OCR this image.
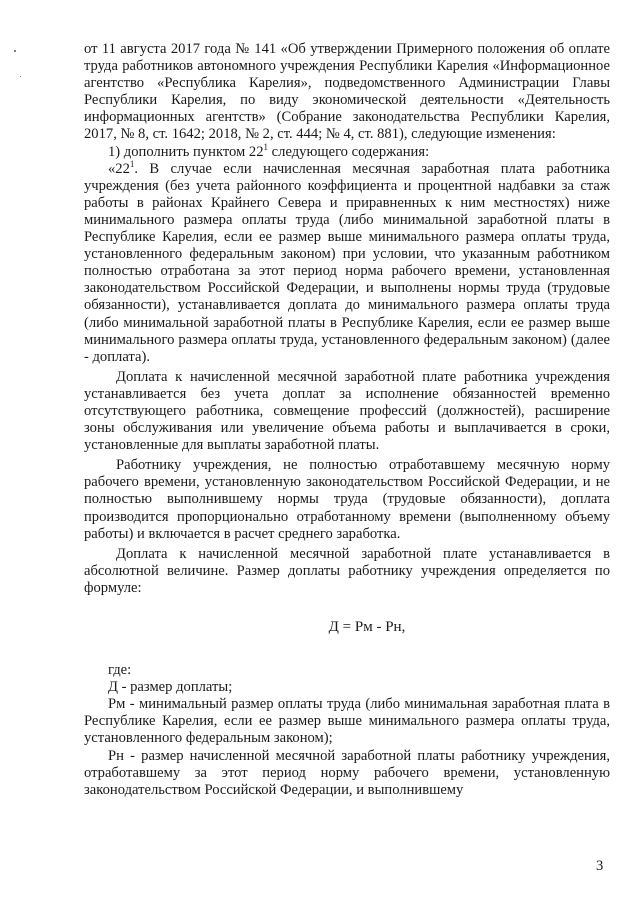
от 11 августа 2017 года № 141 «Об утверждении Примерного положения об оплате труда работников автономного учреждения Республики Карелия «Информационное агентство «Республика Карелия», подведомственного Администрации Главы Республики Карелия, по виду экономической деятельности «Деятельность информационных агентств» (Собрание законодательства Республики Карелия, 2017, № 8, ст. 1642; 2018, № 2, ст. 444; № 4, ст. 881), следующие изменения:

1) дополнить пунктом $22^1$ следующего содержания:

«$22^1$. В случае если начисленная месячная заработная плата работника учреждения (без учета районного коэффициента и процентной надбавки за стаж работы в районах Крайнего Севера и приравненных к ним местностях) ниже минимального размера оплаты труда (либо минимальной заработной платы в Республике Карелия, если ее размер выше минимального размера оплаты труда, установленного федеральным законом) при условии, что указанным работником полностью отработана за этот период норма рабочего времени, установленная законодательством Российской Федерации, и выполнены нормы труда (трудовые обязанности), устанавливается доплата до минимального размера оплаты труда (либо минимальной заработной платы в Республике Карелия, если ее размер выше минимального размера оплаты труда, установленного федеральным законом) (далее - доплата).

Доплата к начисленной месячной заработной плате работника учреждения устанавливается без учета доплат за исполнение обязанностей временно отсутствующего работника, совмещение профессий (должностей), расширение зоны обслуживания или увеличение объема работы и выплачивается в сроки, установленные для выплаты заработной платы.

Работнику учреждения, не полностью отработавшему месячную норму рабочего времени, установленную законодательством Российской Федерации, и не полностью выполнившему нормы труда (трудовые обязанности), доплата производится пропорционально отработанному времени (выполненному объему работы) и включается в расчет среднего заработка.

Доплата к начисленной месячной заработной плате устанавливается в абсолютной величине. Размер доплаты работнику учреждения определяется по формуле:

Д = Рм - Рн,

где:

Д - размер доплаты;

Рм - минимальный размер оплаты труда (либо минимальная заработная плата в Республике Карелия, если ее размер выше минимального размера оплаты труда, установленного федеральным законом);

Рн - размер начисленной месячной заработной платы работнику учреждения, отработавшему за этот период норму рабочего времени, установленную законодательством Российской Федерации, и выполнившему

3
